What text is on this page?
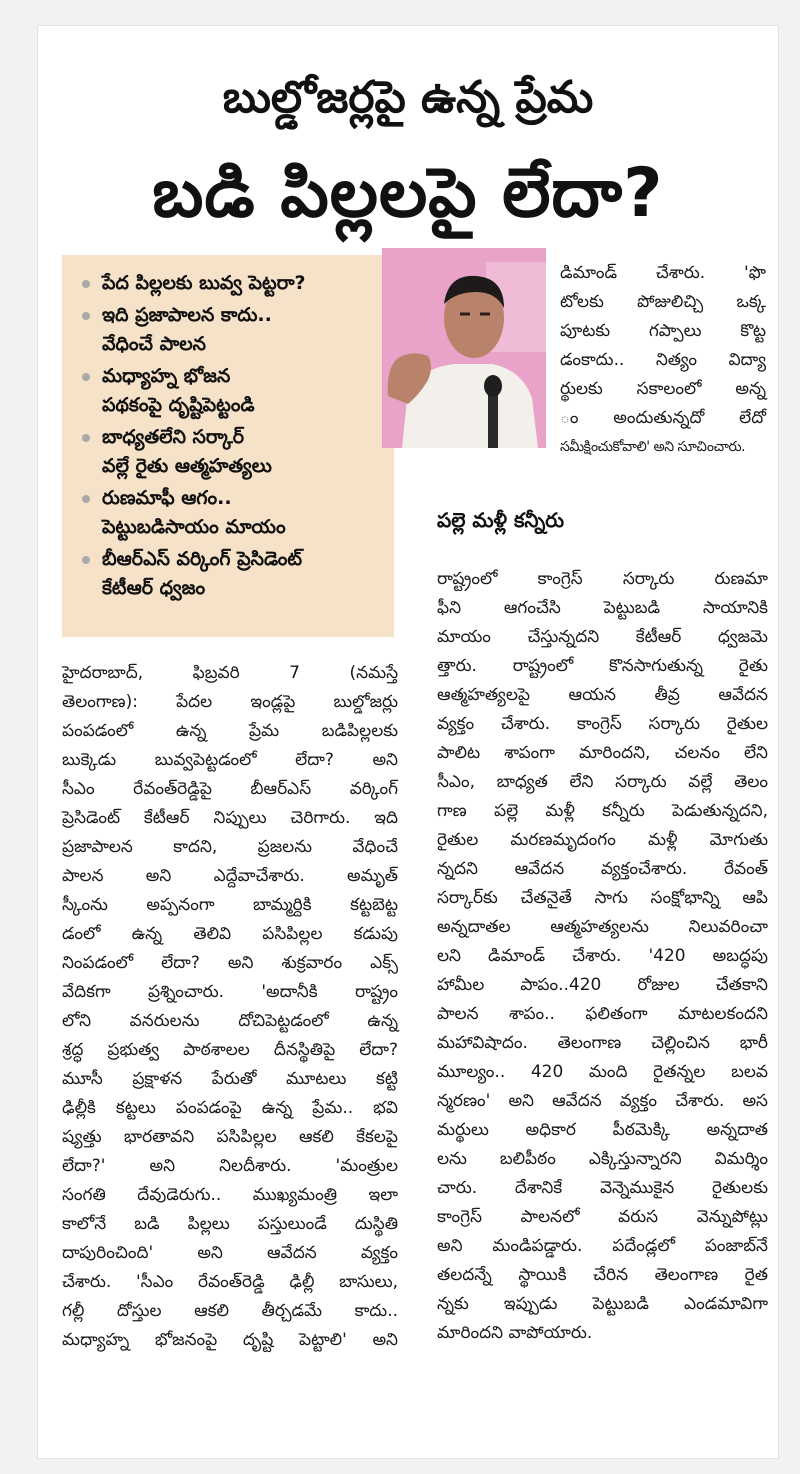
బుల్డోజర్లపై ఉన్న ప్రేమ
బడి పిల్లలపై లేదా?
పేద పిల్లలకు బువ్వ పెట్టరా?
ఇది ప్రజాపాలన కాదు..
వేధించే పాలన
మధ్యాహ్న భోజన
పథకంపై దృష్టిపెట్టండి
బాధ్యతలేని సర్కార్
వల్లే రైతు ఆత్మహత్యలు
రుణమాఫీ ఆగం..
పెట్టుబడిసాయం మాయం
బీఆర్‌ఎస్ వర్కింగ్ ప్రెసిడెంట్
కేటీఆర్ ధ్వజం
డిమాండ్ చేశారు. 'ఫొ
టోలకు పోజులిచ్చి ఒక్క
పూటకు గప్పాలు కొట్ట
డంకాదు.. నిత్యం విద్యా
ర్థులకు సకాలంలో అన్న
ం అందుతున్నదో లేదో
సమీక్షించుకోవాలి' అని సూచించారు.
పల్లె మళ్లీ కన్నీరు
హైదరాబాద్, ఫిబ్రవరి 7 (నమస్తే
తెలంగాణ): పేదల ఇండ్లపై బుల్డోజర్లు
పంపడంలో ఉన్న ప్రేమ బడిపిల్లలకు
బుక్కెడు బువ్వపెట్టడంలో లేదా? అని
సీఎం రేవంత్‌రెడ్డిపై బీఆర్‌ఎస్ వర్కింగ్
ప్రెసిడెంట్ కేటీఆర్ నిప్పులు చెరిగారు. ఇది
ప్రజాపాలన కాదని, ప్రజలను వేధించే
పాలన అని ఎద్దేవాచేశారు. అమృత్
స్కీంను అప్పనంగా బామ్మర్దికి కట్టబెట్ట
డంలో ఉన్న తెలివి పసిపిల్లల కడుపు
నింపడంలో లేదా? అని శుక్రవారం ఎక్స్
వేదికగా ప్రశ్నించారు. 'అదానీకి రాష్ట్రం
లోని వనరులను దోచిపెట్టడంలో ఉన్న
శ్రద్ధ ప్రభుత్వ పాఠశాలల దీనస్థితిపై లేదా?
మూసీ ప్రక్షాళన పేరుతో మూటలు కట్టి
ఢిల్లీకి కట్టలు పంపడంపై ఉన్న ప్రేమ.. భవి
ష్యత్తు భారతావని పసిపిల్లల ఆకలి కేకలపై
లేదా?' అని నిలదీశారు. 'మంత్రుల
సంగతి దేవుడెరుగు.. ముఖ్యమంత్రి ఇలా
కాలోనే బడి పిల్లలు పస్తులుండే దుస్థితి
దాపురించింది' అని ఆవేదన వ్యక్తం
చేశారు. 'సీఎం రేవంత్‌రెడ్డి ఢిల్లీ బాసులు,
గల్లీ దోస్తుల ఆకలి తీర్చడమే కాదు..
మధ్యాహ్న భోజనంపై దృష్టి పెట్టాలి' అని
రాష్ట్రంలో కాంగ్రెస్ సర్కారు రుణమా
ఫీని ఆగంచేసి పెట్టుబడి సాయానికి
మాయం చేస్తున్నదని కేటీఆర్ ధ్వజమె
త్తారు. రాష్ట్రంలో కొనసాగుతున్న రైతు
ఆత్మహత్యలపై ఆయన తీవ్ర ఆవేదన
వ్యక్తం చేశారు. కాంగ్రెస్ సర్కారు రైతుల
పాలిట శాపంగా మారిందని, చలనం లేని
సీఎం, బాధ్యత లేని సర్కారు వల్లే తెలం
గాణ పల్లె మళ్లీ కన్నీరు పెడుతున్నదని,
రైతుల మరణమృదంగం మళ్లీ మోగుతు
న్నదని ఆవేదన వ్యక్తంచేశారు. రేవంత్
సర్కార్‌కు చేతనైతే సాగు సంక్షోభాన్ని ఆపి
అన్నదాతల ఆత్మహత్యలను నిలువరించా
లని డిమాండ్ చేశారు. '420 అబద్ధపు
హామీల పాపం..420 రోజుల చేతకాని
పాలన శాపం.. ఫలితంగా మాటలకందని
మహావిషాదం. తెలంగాణ చెల్లించిన భారీ
మూల్యం.. 420 మంది రైతన్నల బలవ
న్మరణం' అని ఆవేదన వ్యక్తం చేశారు. అస
మర్థులు అధికార పీఠమెక్కి అన్నదాత
లను బలిపీఠం ఎక్కిస్తున్నారని విమర్శిం
చారు. దేశానికే వెన్నెముకైన రైతులకు
కాంగ్రెస్ పాలనలో వరుస వెన్నుపోట్లు
అని మండిపడ్డారు. పదేండ్లలో పంజాబ్‌నే
తలదన్నే స్థాయికి చేరిన తెలంగాణ రైత
న్నకు ఇప్పుడు పెట్టుబడి ఎండమావిగా
మారిందని వాపోయారు.
